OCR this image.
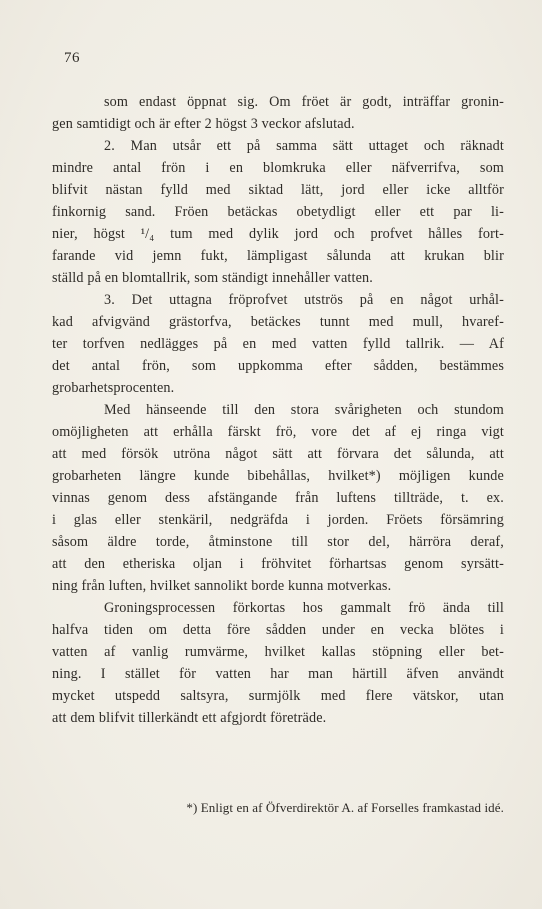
76
som endast öppnat sig. Om fröet är godt, inträffar gronin-
gen samtidigt och är efter 2 högst 3 veckor afslutad.
2. Man utsår ett på samma sätt uttaget och räknadt
mindre antal frön i en blomkruka eller näfverrifva, som
blifvit nästan fylld med siktad lätt, jord eller icke alltför
finkornig sand. Fröen betäckas obetydligt eller ett par li-
nier, högst ¹/₄ tum med dylik jord och profvet hålles fort-
farande vid jemn fukt, lämpligast sålunda att krukan blir
ställd på en blomtallrik, som ständigt innehåller vatten.
3. Det uttagna fröprofvet utströs på en något urhål-
kad afvigvänd grästorfva, betäckes tunnt med mull, hvaref-
ter torfven nedlägges på en med vatten fylld tallrik. — Af
det antal frön, som uppkomma efter sådden, bestämmes
grobarhetsprocenten.
Med hänseende till den stora svårigheten och stundom
omöjligheten att erhålla färskt frö, vore det af ej ringa vigt
att med försök utröna något sätt att förvara det sålunda, att
grobarheten längre kunde bibehållas, hvilket*) möjligen kunde
vinnas genom dess afstängande från luftens tillträde, t. ex.
i glas eller stenkäril, nedgräfda i jorden. Fröets försämring
såsom äldre torde, åtminstone till stor del, härröra deraf,
att den etheriska oljan i fröhvitet förhartsas genom syrsätt-
ning från luften, hvilket sannolikt borde kunna motverkas.
Groningsprocessen förkortas hos gammalt frö ända till
halfva tiden om detta före sådden under en vecka blötes i
vatten af vanlig rumvärme, hvilket kallas stöpning eller bet-
ning. I stället för vatten har man härtill äfven användt
mycket utspedd saltsyra, surmjölk med flere vätskor, utan
att dem blifvit tillerkändt ett afgjordt företräde.
*) Enligt en af Öfverdirektör A. af Forselles framkastad idé.
